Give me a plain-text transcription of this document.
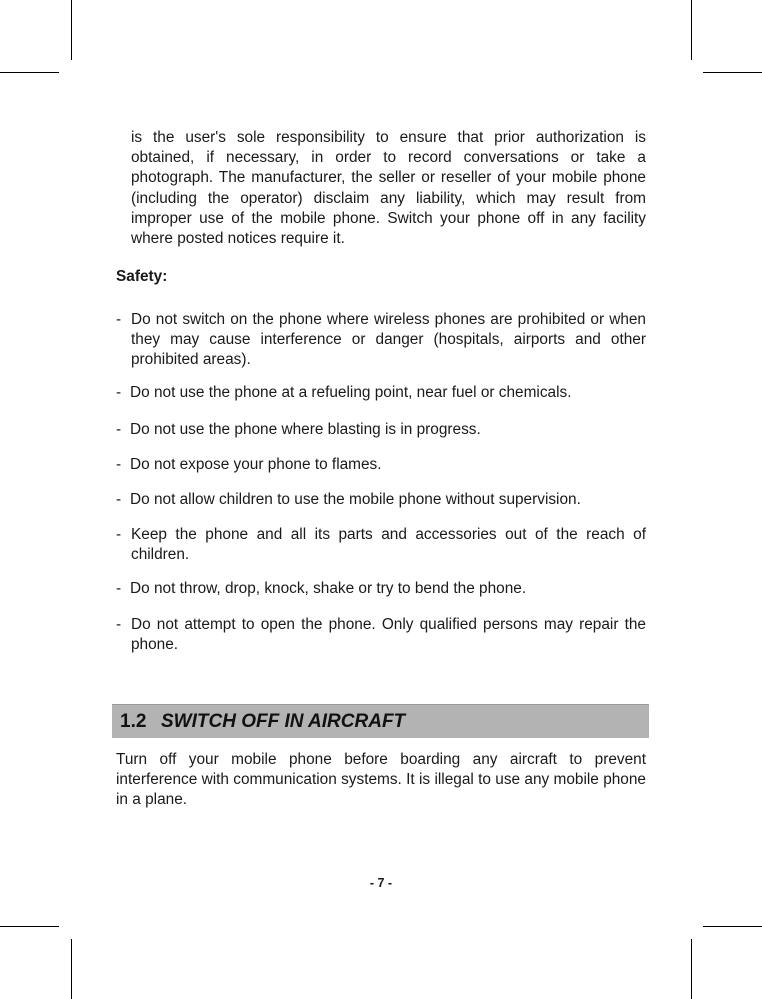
is the user's sole responsibility to ensure that prior authorization is obtained, if necessary, in order to record conversations or take a photograph. The manufacturer, the seller or reseller of your mobile phone (including the operator) disclaim any liability, which may result from improper use of the mobile phone. Switch your phone off in any facility where posted notices require it.

Safety:

- Do not switch on the phone where wireless phones are prohibited or when they may cause interference or danger (hospitals, airports and other prohibited areas).
- Do not use the phone at a refueling point, near fuel or chemicals.
- Do not use the phone where blasting is in progress.
- Do not expose your phone to flames.
- Do not allow children to use the mobile phone without supervision.
- Keep the phone and all its parts and accessories out of the reach of children.
- Do not throw, drop, knock, shake or try to bend the phone.
- Do not attempt to open the phone. Only qualified persons may repair the phone.
1.2 SWITCH OFF IN AIRCRAFT

Turn off your mobile phone before boarding any aircraft to prevent interference with communication systems. It is illegal to use any mobile phone in a plane.

- 7 -
